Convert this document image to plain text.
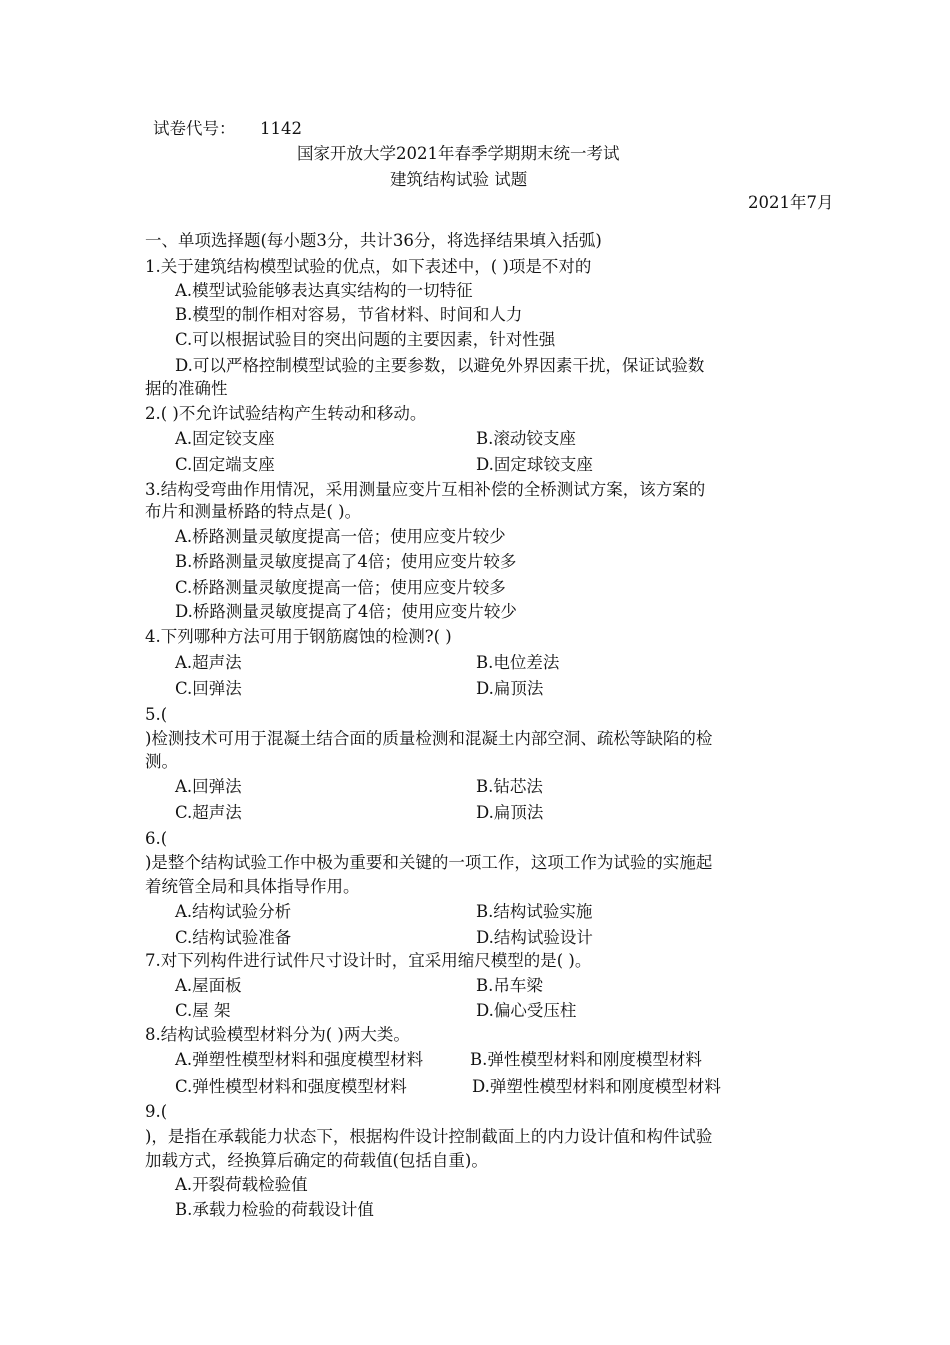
试卷代号： 1142
国家开放大学2021年春季学期期末统一考试
建筑结构试验 试题
2021年7月
一、单项选择题(每小题3分，共计36分，将选择结果填入括弧)
1.关于建筑结构模型试验的优点，如下表述中，( )项是不对的
A.模型试验能够表达真实结构的一切特征
B.模型的制作相对容易，节省材料、时间和人力
C.可以根据试验目的突出问题的主要因素，针对性强
D.可以严格控制模型试验的主要参数，以避免外界因素干扰，保证试验数
据的准确性
2.( )不允许试验结构产生转动和移动。
A.固定铰支座	B.滚动铰支座
C.固定端支座	D.固定球铰支座
3.结构受弯曲作用情况，采用测量应变片互相补偿的全桥测试方案，该方案的
布片和测量桥路的特点是( )。
A.桥路测量灵敏度提高一倍；使用应变片较少
B.桥路测量灵敏度提高了4倍；使用应变片较多
C.桥路测量灵敏度提高一倍；使用应变片较多
D.桥路测量灵敏度提高了4倍；使用应变片较少
4.下列哪种方法可用于钢筋腐蚀的检测?( )
A.超声法	B.电位差法
C.回弹法	D.扁顶法
5.(
)检测技术可用于混凝土结合面的质量检测和混凝土内部空洞、疏松等缺陷的检
测。
A.回弹法	B.钻芯法
C.超声法	D.扁顶法
6.(
)是整个结构试验工作中极为重要和关键的一项工作，这项工作为试验的实施起
着统管全局和具体指导作用。
A.结构试验分析	B.结构试验实施
C.结构试验准备	D.结构试验设计
7.对下列构件进行试件尺寸设计时，宜采用缩尺模型的是( )。
A.屋面板	B.吊车梁
C.屋 架	D.偏心受压柱
8.结构试验模型材料分为( )两大类。
A.弹塑性模型材料和强度模型材料	B.弹性模型材料和刚度模型材料
C.弹性模型材料和强度模型材料	D.弹塑性模型材料和刚度模型材料
9.(
)，是指在承载能力状态下，根据构件设计控制截面上的内力设计值和构件试验
加载方式，经换算后确定的荷载值(包括自重)。
A.开裂荷载检验值
B.承载力检验的荷载设计值
